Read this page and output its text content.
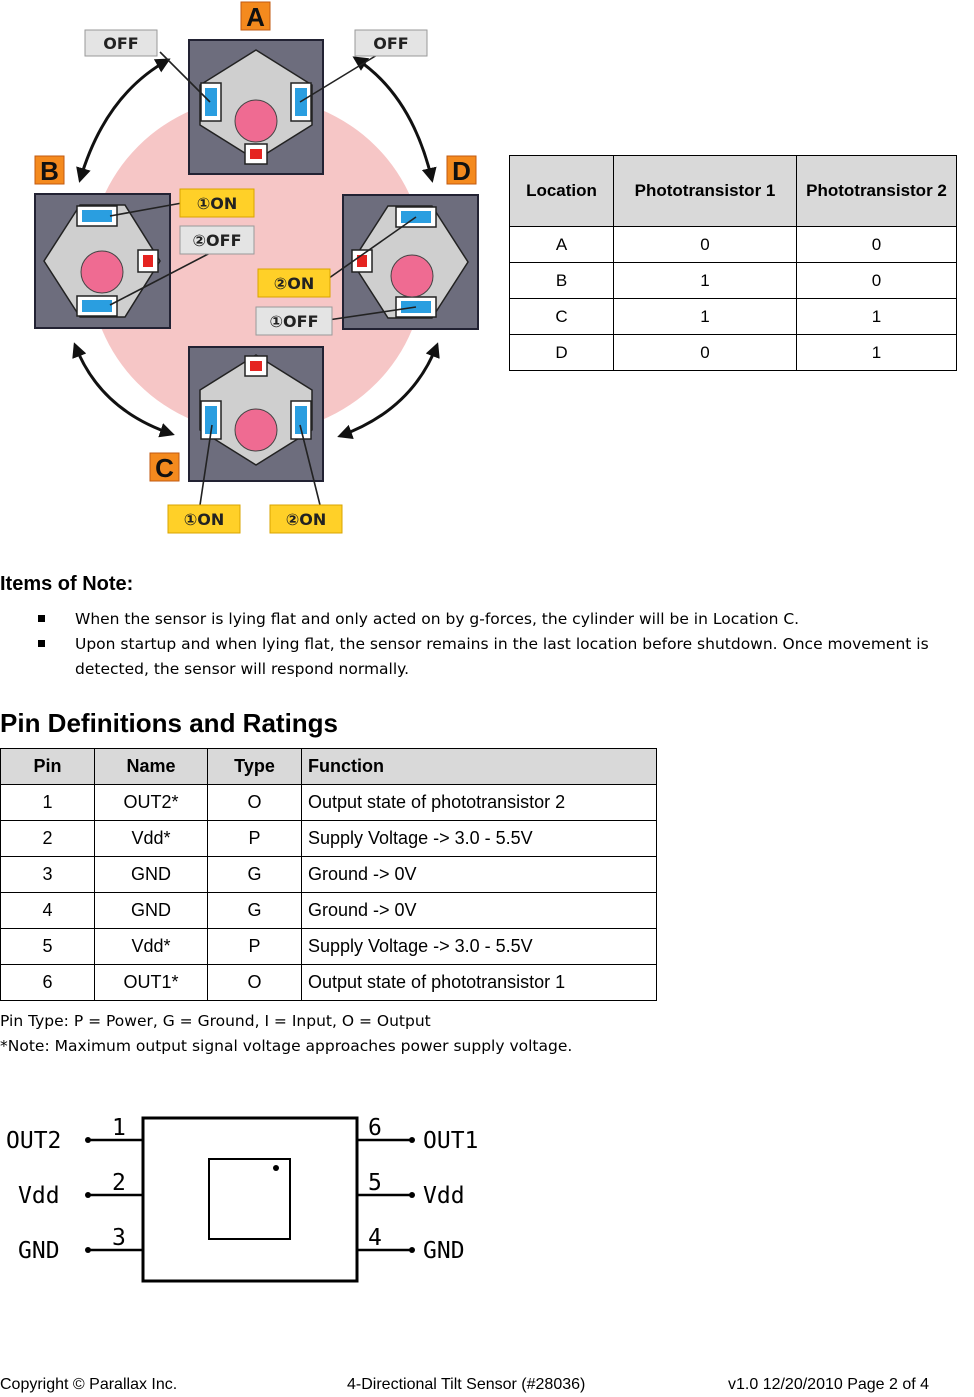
A
B
C
D
OFF	OFF
①ON
②OFF
②ON
①OFF
①ON	②ON
Location	Phototransistor 1	Phototransistor 2
A	0	0
B	1	0
C	1	1
D	0	1
Items of Note:
When the sensor is lying flat and only acted on by g-forces, the cylinder will be in Location C.
Upon startup and when lying flat, the sensor remains in the last location before shutdown. Once movement is detected, the sensor will respond normally.
Pin Definitions and Ratings
Pin	Name	Type	Function
1	OUT2*	O	Output state of phototransistor 2
2	Vdd*	P	Supply Voltage -> 3.0 - 5.5V
3	GND	G	Ground -> 0V
4	GND	G	Ground -> 0V
5	Vdd*	P	Supply Voltage -> 3.0 - 5.5V
6	OUT1*	O	Output state of phototransistor 1
Pin Type: P = Power, G = Ground, I = Input, O = Output
*Note: Maximum output signal voltage approaches power supply voltage.
1
2
3
6
5
4
OUT2
Vdd
GND
OUT1
Vdd
GND
Copyright © Parallax Inc.	4-Directional Tilt Sensor (#28036)	v1.0 12/20/2010 Page 2 of 4
